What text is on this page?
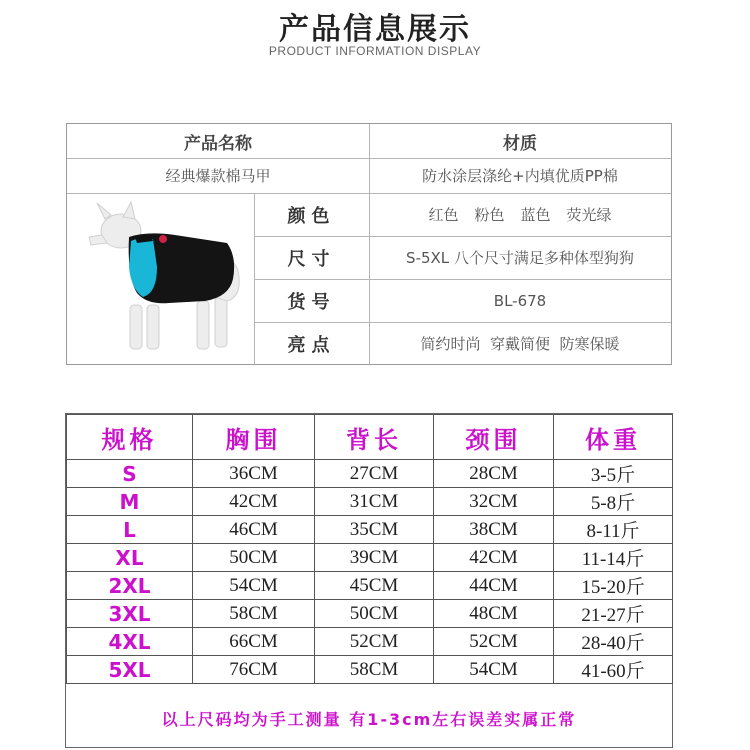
产品信息展示
PRODUCT INFORMATION DISPLAY
产品名称	材质
经典爆款棉马甲	防水涂层涤纶+内填优质PP棉
颜色	红色 粉色 蓝色 荧光绿
尺寸	S-5XL 八个尺寸满足多种体型狗狗
货号	BL-678
亮点	简约时尚  穿戴简便  防寒保暖
规格	胸围	背长	颈围	体重
S	36CM	27CM	28CM	3-5斤
M	42CM	31CM	32CM	5-8斤
L	46CM	35CM	38CM	8-11斤
XL	50CM	39CM	42CM	11-14斤
2XL	54CM	45CM	44CM	15-20斤
3XL	58CM	50CM	48CM	21-27斤
4XL	66CM	52CM	52CM	28-40斤
5XL	76CM	58CM	54CM	41-60斤
以上尺码均为手工测量 有1-3cm左右误差实属正常
